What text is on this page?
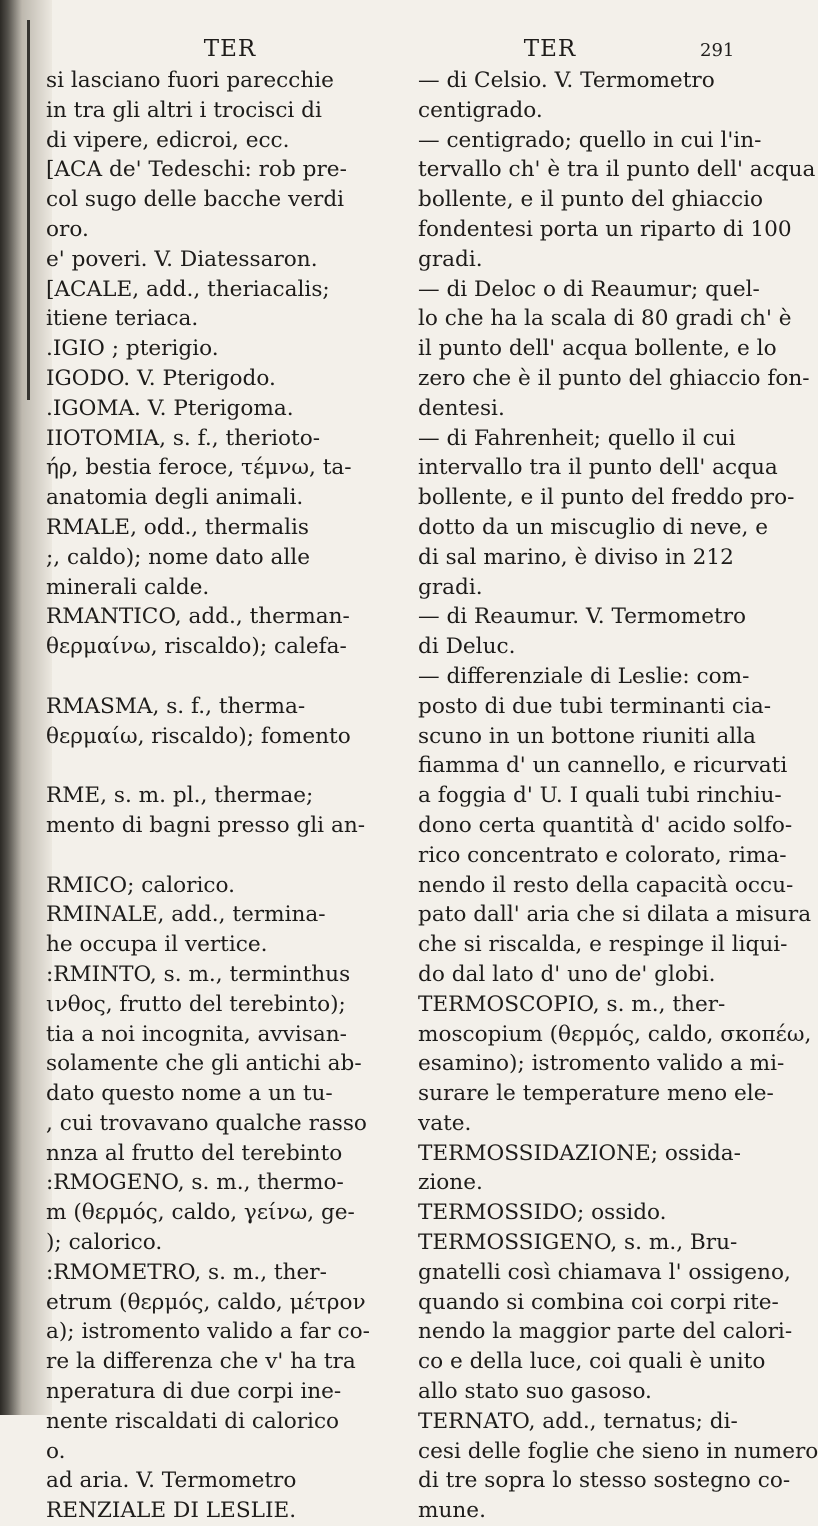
TER	TER	291
si lasciano fuori parecchie
in tra gli altri i trocisci di
di vipere, edicroi, ecc.
[ACA de' Tedeschi: rob pre-
col sugo delle bacche verdi
oro.
e' poveri. V. Diatessaron.
[ACALE, add., theriacalis;
itiene teriaca.
.IGIO ; pterigio.
IGODO. V. Pterigodo.
.IGOMA. V. Pterigoma.
IIOTOMIA, s. f., therioto-
ήρ, bestia feroce, τέμνω, ta-
anatomia degli animali.
RMALE, odd., thermalis
;, caldo); nome dato alle
minerali calde.
RMANTICO, add., therman-
θερμαίνω, riscaldo); calefa-
RMASMA, s. f., therma-
θερμαίω, riscaldo); fomento
RME, s. m. pl., thermae;
mento di bagni presso gli an-
RMICO; calorico.
RMINALE, add., termina-
he occupa il vertice.
:RMINTO, s. m., terminthus
ινθος, frutto del terebinto);
tia a noi incognita, avvisan-
solamente che gli antichi ab-
dato questo nome a un tu-
, cui trovavano qualche rasso
nnza al frutto del terebinto
:RMOGENO, s. m., thermo-
m (θερμός, caldo, γείνω, ge-
); calorico.
:RMOMETRO, s. m., ther-
etrum (θερμός, caldo, μέτρον
a); istromento valido a far co-
re la differenza che v' ha tra
nperatura di due corpi ine-
nente riscaldati di calorico
o.
ad aria. V. Termometro
RENZIALE DI LESLIE.
— di Celsio. V. Termometro
centigrado.
— centigrado; quello in cui l'in-
tervallo ch' è tra il punto dell' acqua
bollente, e il punto del ghiaccio
fondentesi porta un riparto di 100
gradi.
— di Deloc o di Reaumur; quel-
lo che ha la scala di 80 gradi ch' è
il punto dell' acqua bollente, e lo
zero che è il punto del ghiaccio fon-
dentesi.
— di Fahrenheit; quello il cui
intervallo tra il punto dell' acqua
bollente, e il punto del freddo pro-
dotto da un miscuglio di neve, e
di sal marino, è diviso in 212
gradi.
— di Reaumur. V. Termometro
di Deluc.
— differenziale di Leslie: com-
posto di due tubi terminanti cia-
scuno in un bottone riuniti alla
fiamma d' un cannello, e ricurvati
a foggia d' U. I quali tubi rinchiu-
dono certa quantità d' acido solfo-
rico concentrato e colorato, rima-
nendo il resto della capacità occu-
pato dall' aria che si dilata a misura
che si riscalda, e respinge il liqui-
do dal lato d' uno de' globi.
TERMOSCOPIO, s. m., ther-
moscopium (θερμός, caldo, σκοπέω,
esamino); istromento valido a mi-
surare le temperature meno ele-
vate.
TERMOSSIDAZIONE; ossida-
zione.
TERMOSSIDO; ossido.
TERMOSSIGENO, s. m., Bru-
gnatelli così chiamava l' ossigeno,
quando si combina coi corpi rite-
nendo la maggior parte del calori-
co e della luce, coi quali è unito
allo stato suo gasoso.
TERNATO, add., ternatus; di-
cesi delle foglie che sieno in numero
di tre sopra lo stesso sostegno co-
mune.
